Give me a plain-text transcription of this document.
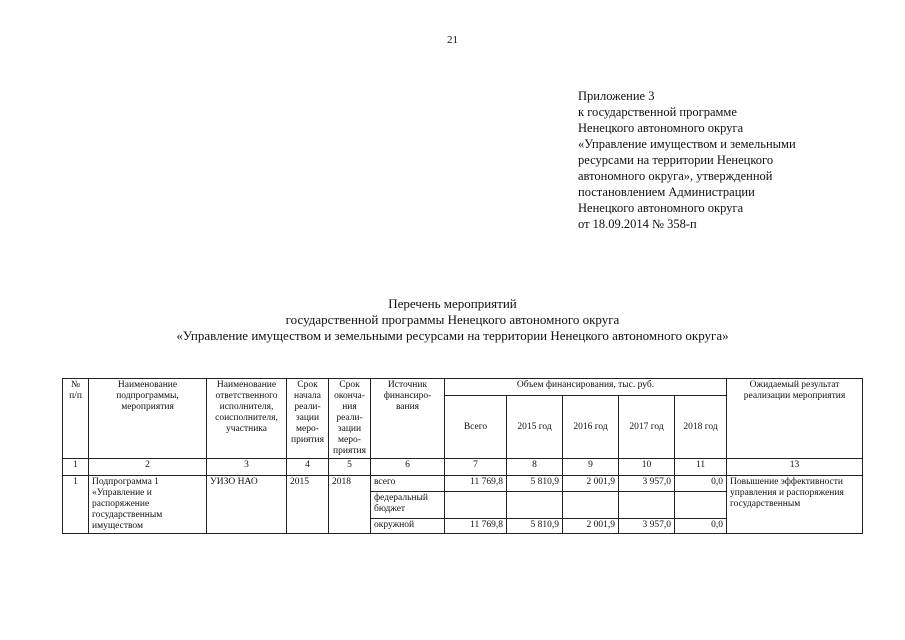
21
Приложение 3
к государственной программе
Ненецкого автономного округа
«Управление имуществом и земельными
ресурсами на территории Ненецкого
автономного округа», утвержденной
постановлением Администрации
Ненецкого автономного округа
от 18.09.2014 № 358-п
Перечень мероприятий
государственной программы Ненецкого автономного округа
«Управление имуществом и земельными ресурсами на территории Ненецкого автономного округа»
№ п/п	Наименование подпрограммы, мероприятия	Наименование ответственного исполнителя, соисполнителя, участника	Срок начала реали-зации меро-приятия	Срок оконча-ния реали-зации меро-приятия	Источник финансиро-вания	Объем финансирования, тыс. руб.					Ожидаемый результат реализации мероприятия
						Всего	2015 год	2016 год	2017 год	2018 год	
1	2	3	4	5	6	7	8	9	10	11	13
1	Подпрограмма 1 «Управление и распоряжение государственным имуществом	УИЗО НАО	2015	2018	всего	11 769,8	5 810,9	2 001,9	3 957,0	0,0	Повышение эффективности управления и распоряжения государственным
					федеральный бюджет						
					окружной	11 769,8	5 810,9	2 001,9	3 957,0	0,0	
